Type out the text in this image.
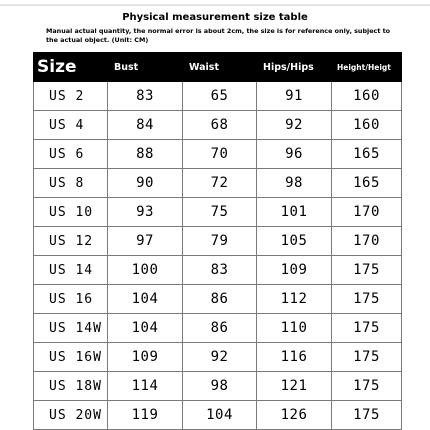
Physical measurement size table
Manual actual quantity, the normal error is about 2cm, the size is for reference only, subject to the actual object. (Unit: CM)
Size	Bust	Waist	Hips/Hips	Height/Heigt
US 2	83	65	91	160
US 4	84	68	92	160
US 6	88	70	96	165
US 8	90	72	98	165
US 10	93	75	101	170
US 12	97	79	105	170
US 14	100	83	109	175
US 16	104	86	112	175
US 14W	104	86	110	175
US 16W	109	92	116	175
US 18W	114	98	121	175
US 20W	119	104	126	175
